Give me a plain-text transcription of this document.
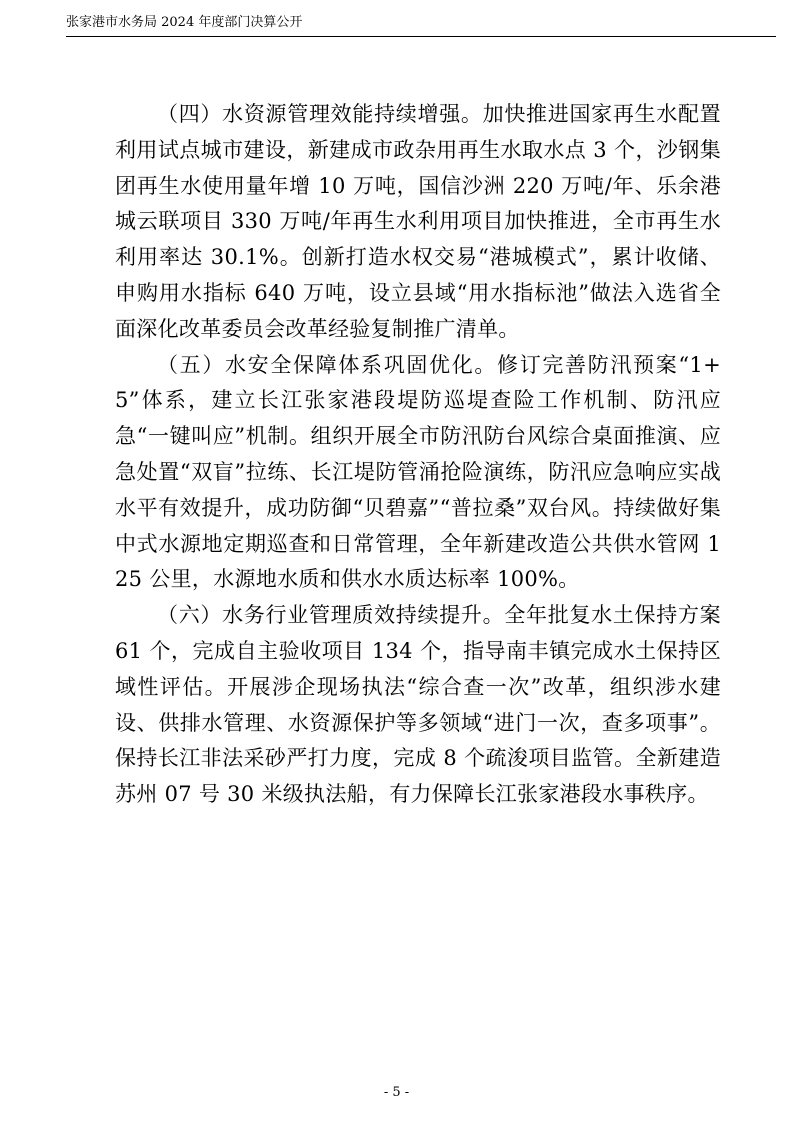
张家港市水务局 2024 年度部门决算公开

（四）水资源管理效能持续增强。加快推进国家再生水配置利用试点城市建设，新建成市政杂用再生水取水点 3 个，沙钢集团再生水使用量年增 10 万吨，国信沙洲 220 万吨/年、乐余港城云联项目 330 万吨/年再生水利用项目加快推进，全市再生水利用率达 30.1%。创新打造水权交易“港城模式”，累计收储、申购用水指标 640 万吨，设立县域“用水指标池”做法入选省全面深化改革委员会改革经验复制推广清单。

（五）水安全保障体系巩固优化。修订完善防汛预案“1+5”体系，建立长江张家港段堤防巡堤查险工作机制、防汛应急“一键叫应”机制。组织开展全市防汛防台风综合桌面推演、应急处置“双盲”拉练、长江堤防管涌抢险演练，防汛应急响应实战水平有效提升，成功防御“贝碧嘉”“普拉桑”双台风。持续做好集中式水源地定期巡查和日常管理，全年新建改造公共供水管网 125 公里，水源地水质和供水水质达标率 100%。

（六）水务行业管理质效持续提升。全年批复水土保持方案 61 个，完成自主验收项目 134 个，指导南丰镇完成水土保持区域性评估。开展涉企现场执法“综合查一次”改革，组织涉水建设、供排水管理、水资源保护等多领域“进门一次，查多项事”。保持长江非法采砂严打力度，完成 8 个疏浚项目监管。全新建造苏州 07 号 30 米级执法船，有力保障长江张家港段水事秩序。

- 5 -
